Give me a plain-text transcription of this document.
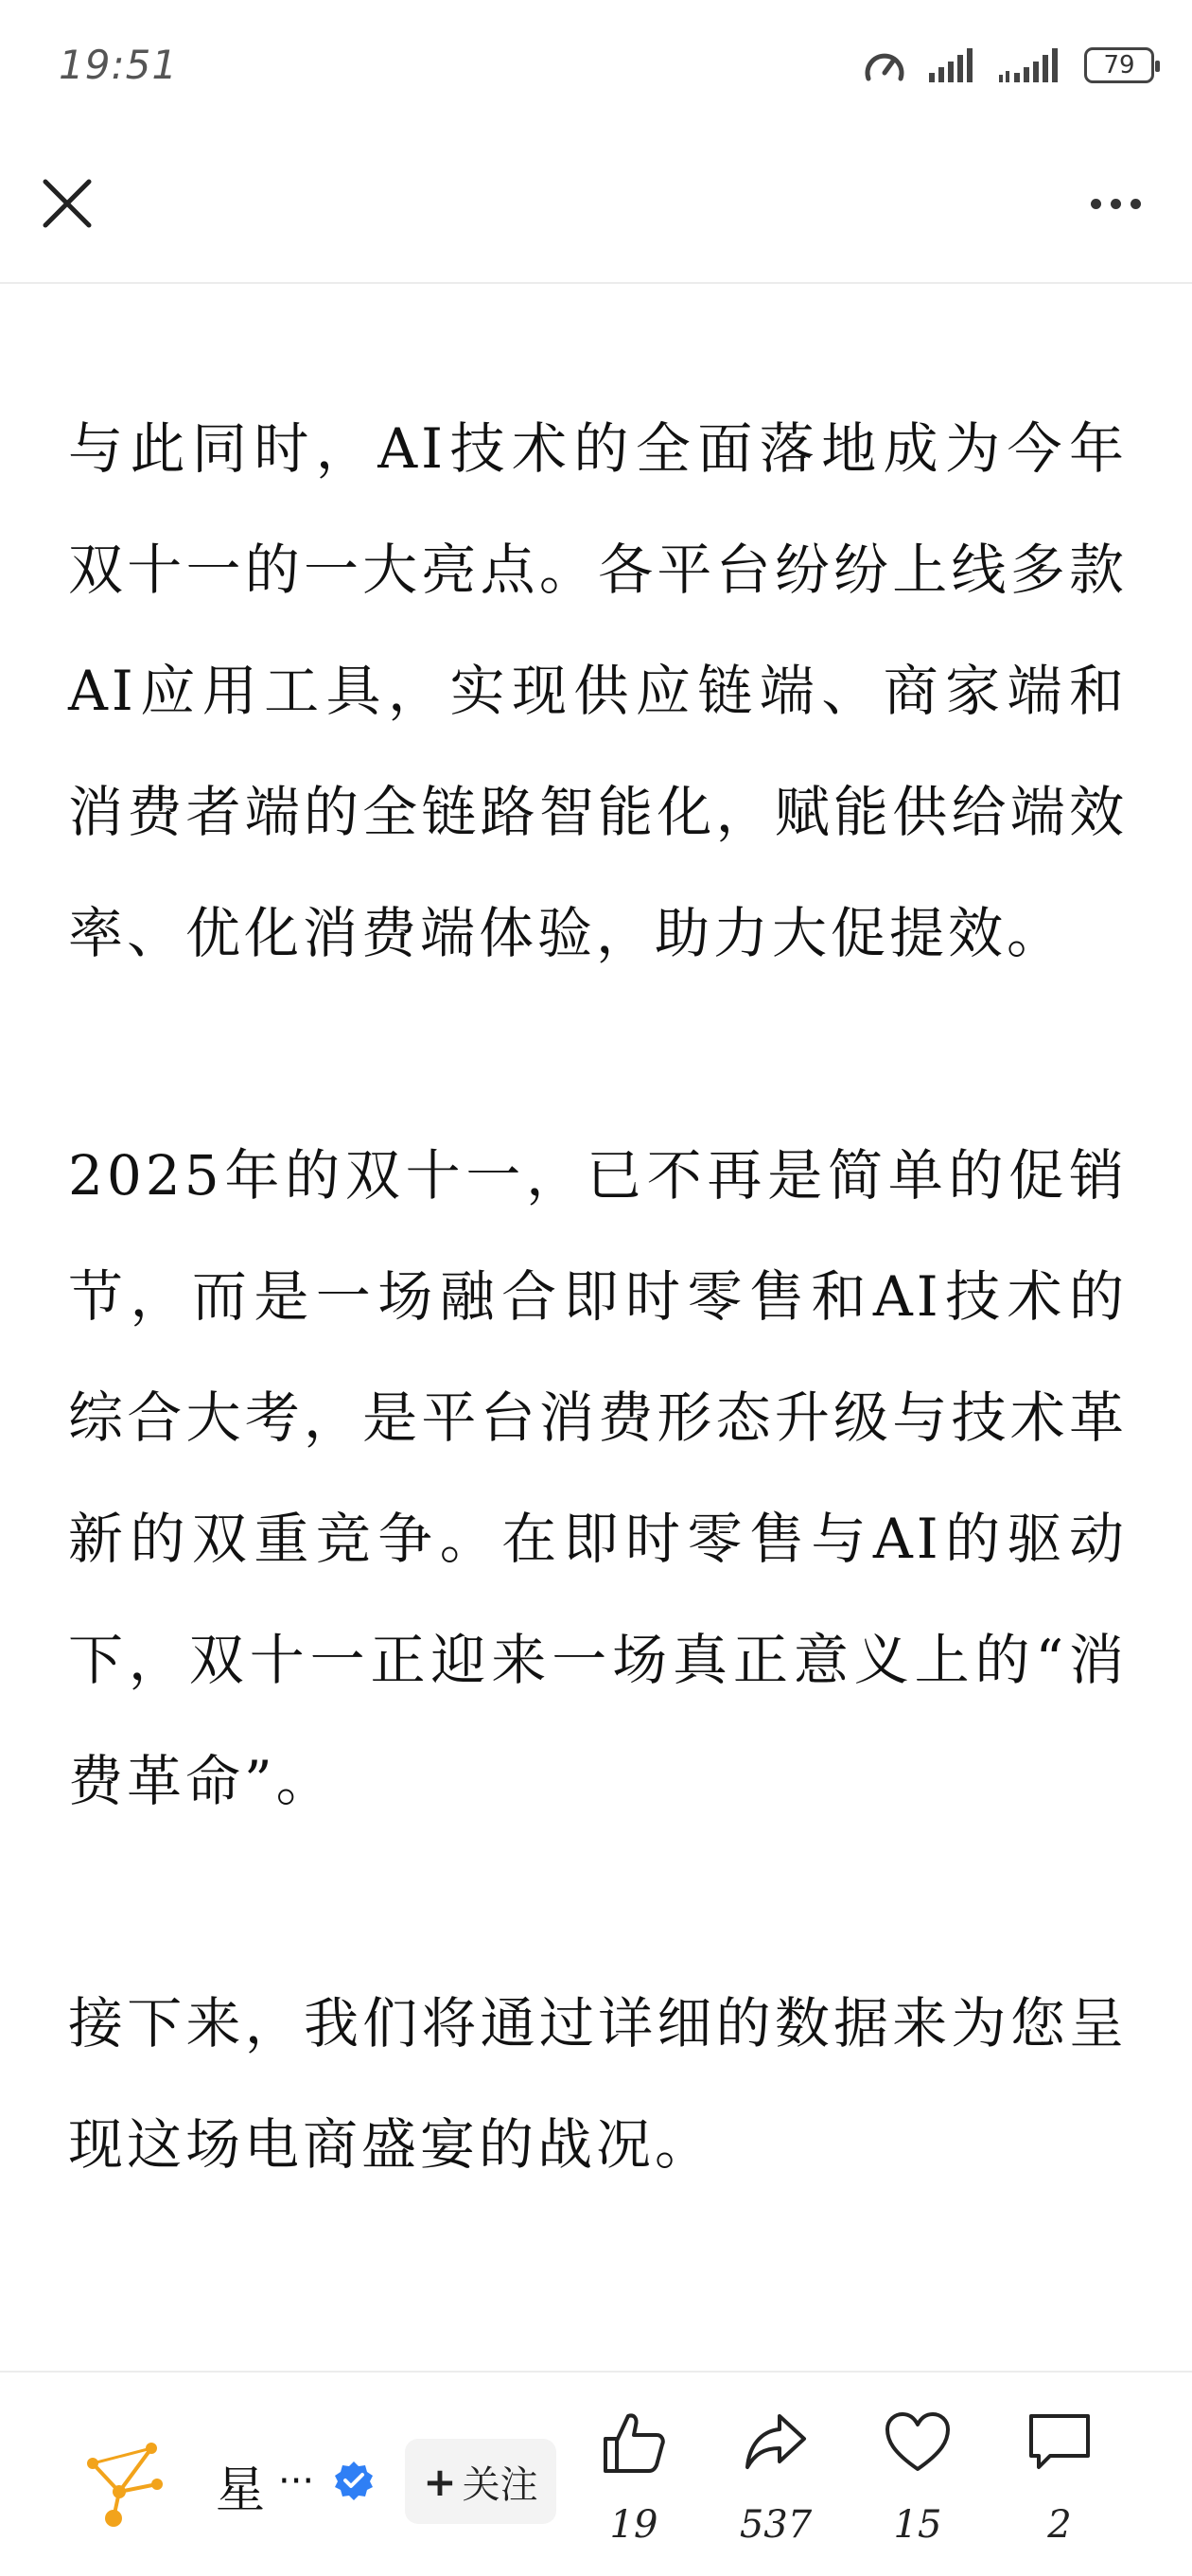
19:51	79

与此同时，AI技术的全面落地成为今年双十一的一大亮点。各平台纷纷上线多款AI应用工具，实现供应链端、商家端和消费者端的全链路智能化，赋能供给端效率、优化消费端体验，助力大促提效。

2025年的双十一，已不再是简单的促销节，而是一场融合即时零售和AI技术的综合大考，是平台消费形态升级与技术革新的双重竞争。在即时零售与AI的驱动下，双十一正迎来一场真正意义上的“消费革命”。

接下来，我们将通过详细的数据来为您呈现这场电商盛宴的战况。

星 ···	+ 关注
19	537	15	2
